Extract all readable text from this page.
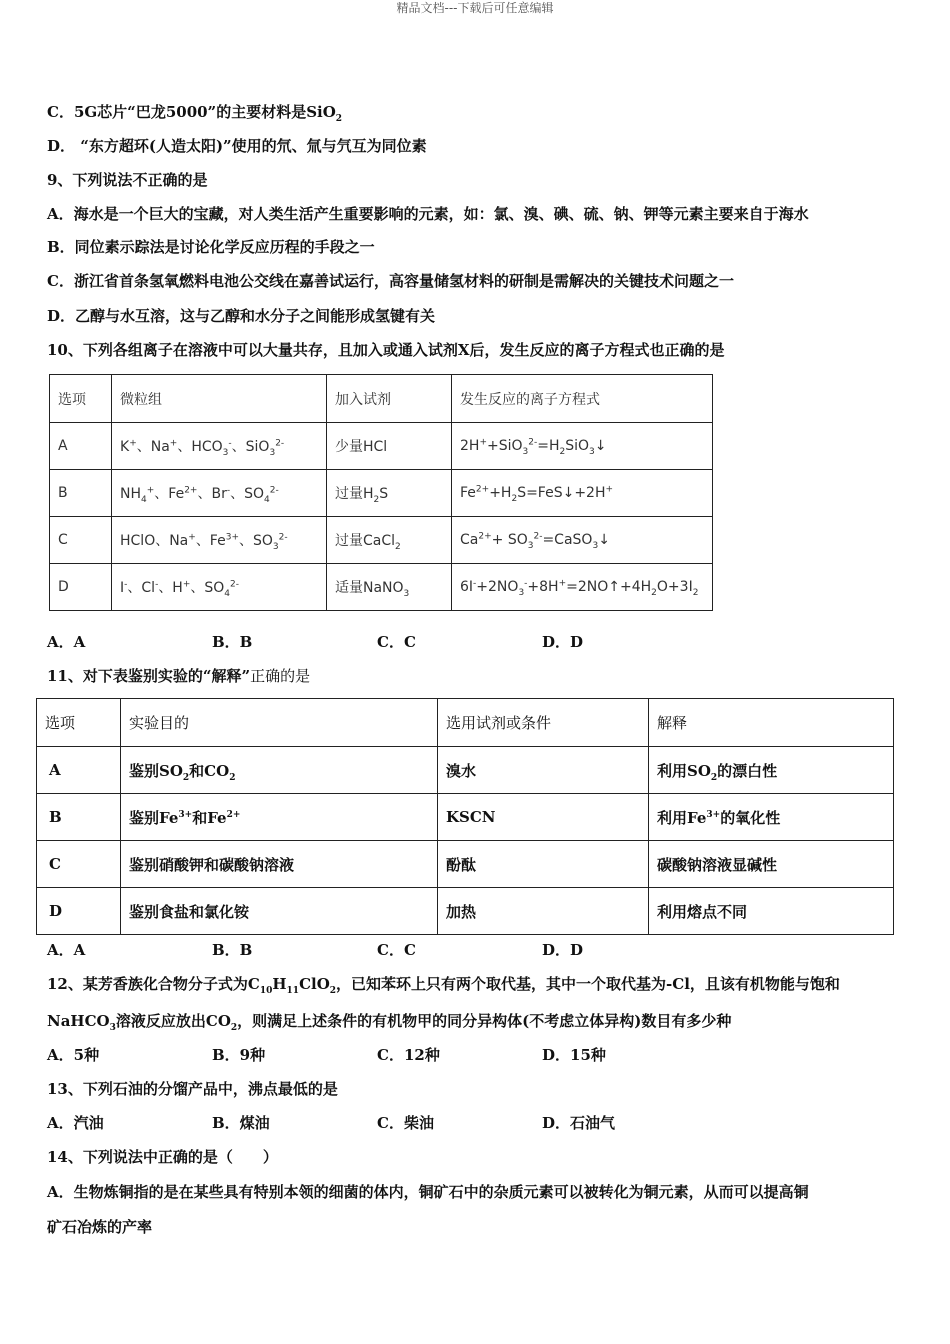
精品文档---下载后可任意编辑
C．5G芯片“巴龙5000”的主要材料是SiO$_2$
D． “东方超环(人造太阳)”使用的氘、氚与氕互为同位素
9、下列说法不正确的是
A．海水是一个巨大的宝藏，对人类生活产生重要影响的元素，如：氯、溴、碘、硫、钠、钾等元素主要来自于海水
B．同位素示踪法是讨论化学反应历程的手段之一
C．浙江省首条氢氧燃料电池公交线在嘉善试运行，高容量储氢材料的研制是需解决的关键技术问题之一
D．乙醇与水互溶，这与乙醇和水分子之间能形成氢键有关
10、下列各组离子在溶液中可以大量共存，且加入或通入试剂X后，发生反应的离子方程式也正确的是
选项	微粒组	加入试剂	发生反应的离子方程式
A	K+、Na+、$HCO_3^-$、SiO$_3^{2-}$	少量HCl	$2H^++SiO_3^{2-}=H_2SiO_3↓$
B	$NH_4^+$、$Fe^{2+}$、Br-、$SO_4^{2-}$	过量$H_2S$	$Fe^{2+}+H_2S=FeS↓+2H^+$
C	HClO、Na+、$Fe^{3+}$、$SO_3^{2-}$	过量CaCl$_2$	$Ca^{2+}+$ $SO_3^{2-}=CaSO_3↓$
D	I-、Cl-、H+、$SO_4^{2-}$	适量NaNO$_3$	$6I^-+2NO_3^-+8H^+=2NO↑+4H_2O+3I_2$
A．A	B．B	C．C	D．D
11、对下表鉴别实验的“解释”正确的是
选项	实验目的	选用试剂或条件	解释
A	鉴别$SO_2$和$CO_2$	溴水	利用$SO_2$的漂白性
B	鉴别$Fe^{3+}$和$Fe^{2+}$	KSCN	利用$Fe^{3+}$的氧化性
C	鉴别硝酸钾和碳酸钠溶液	酚酞	碳酸钠溶液显碱性
D	鉴别食盐和氯化铵	加热	利用熔点不同
A．A	B．B	C．C	D．D
12、某芳香族化合物分子式为$C_{10}H_{11}ClO_2$，已知苯环上只有两个取代基，其中一个取代基为-Cl，且该有机物能与饱和
NaHCO$_3$溶液反应放出$CO_2$，则满足上述条件的有机物甲的同分异构体(不考虑立体异构)数目有多少种
A．5种	B．9种	C．12种	D．15种
13、下列石油的分馏产品中，沸点最低的是
A．汽油	B．煤油	C．柴油	D．石油气
14、下列说法中正确的是（　　）
A．生物炼铜指的是在某些具有特别本领的细菌的体内，铜矿石中的杂质元素可以被转化为铜元素，从而可以提高铜
矿石冶炼的产率
